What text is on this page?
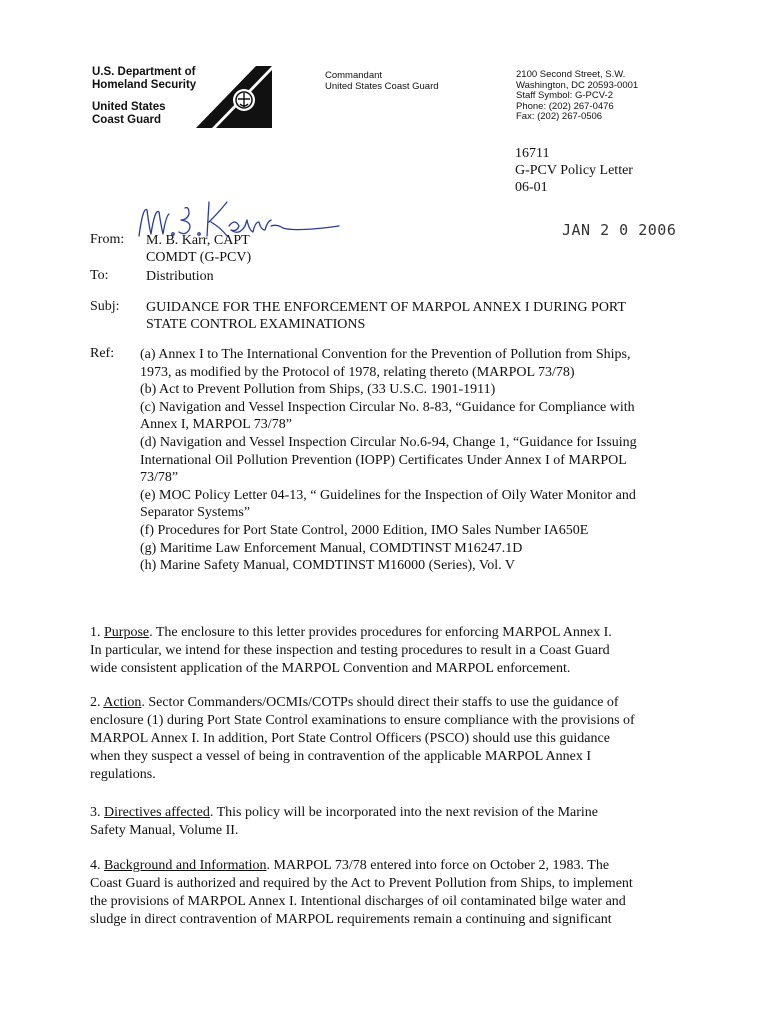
U.S. Department of
Homeland Security
United States
Coast Guard
Commandant
United States Coast Guard
2100 Second Street, S.W.
Washington, DC 20593-0001
Staff Symbol: G-PCV-2
Phone: (202) 267-0476
Fax: (202) 267-0506
16711
G-PCV Policy Letter
06-01
JAN 2 0 2006
From: M. B. Karr, CAPT
COMDT (G-PCV)
To:	Distribution
Subj: GUIDANCE FOR THE ENFORCEMENT OF MARPOL ANNEX I DURING PORT
STATE CONTROL EXAMINATIONS
Ref: (a) Annex I to The International Convention for the Prevention of Pollution from Ships,
1973, as modified by the Protocol of 1978, relating thereto (MARPOL 73/78)
(b) Act to Prevent Pollution from Ships, (33 U.S.C. 1901-1911)
(c) Navigation and Vessel Inspection Circular No. 8-83, “Guidance for Compliance with
Annex I, MARPOL 73/78”
(d) Navigation and Vessel Inspection Circular No.6-94, Change 1, “Guidance for Issuing
International Oil Pollution Prevention (IOPP) Certificates Under Annex I of MARPOL
73/78”
(e) MOC Policy Letter 04-13, “ Guidelines for the Inspection of Oily Water Monitor and
Separator Systems”
(f) Procedures for Port State Control, 2000 Edition, IMO Sales Number IA650E
(g) Maritime Law Enforcement Manual, COMDTINST M16247.1D
(h) Marine Safety Manual, COMDTINST M16000 (Series), Vol. V
1. Purpose. The enclosure to this letter provides procedures for enforcing MARPOL Annex I.
In particular, we intend for these inspection and testing procedures to result in a Coast Guard
wide consistent application of the MARPOL Convention and MARPOL enforcement.
2. Action. Sector Commanders/OCMIs/COTPs should direct their staffs to use the guidance of
enclosure (1) during Port State Control examinations to ensure compliance with the provisions of
MARPOL Annex I. In addition, Port State Control Officers (PSCO) should use this guidance
when they suspect a vessel of being in contravention of the applicable MARPOL Annex I
regulations.
3. Directives affected. This policy will be incorporated into the next revision of the Marine
Safety Manual, Volume II.
4. Background and Information. MARPOL 73/78 entered into force on October 2, 1983. The
Coast Guard is authorized and required by the Act to Prevent Pollution from Ships, to implement
the provisions of MARPOL Annex I. Intentional discharges of oil contaminated bilge water and
sludge in direct contravention of MARPOL requirements remain a continuing and significant
